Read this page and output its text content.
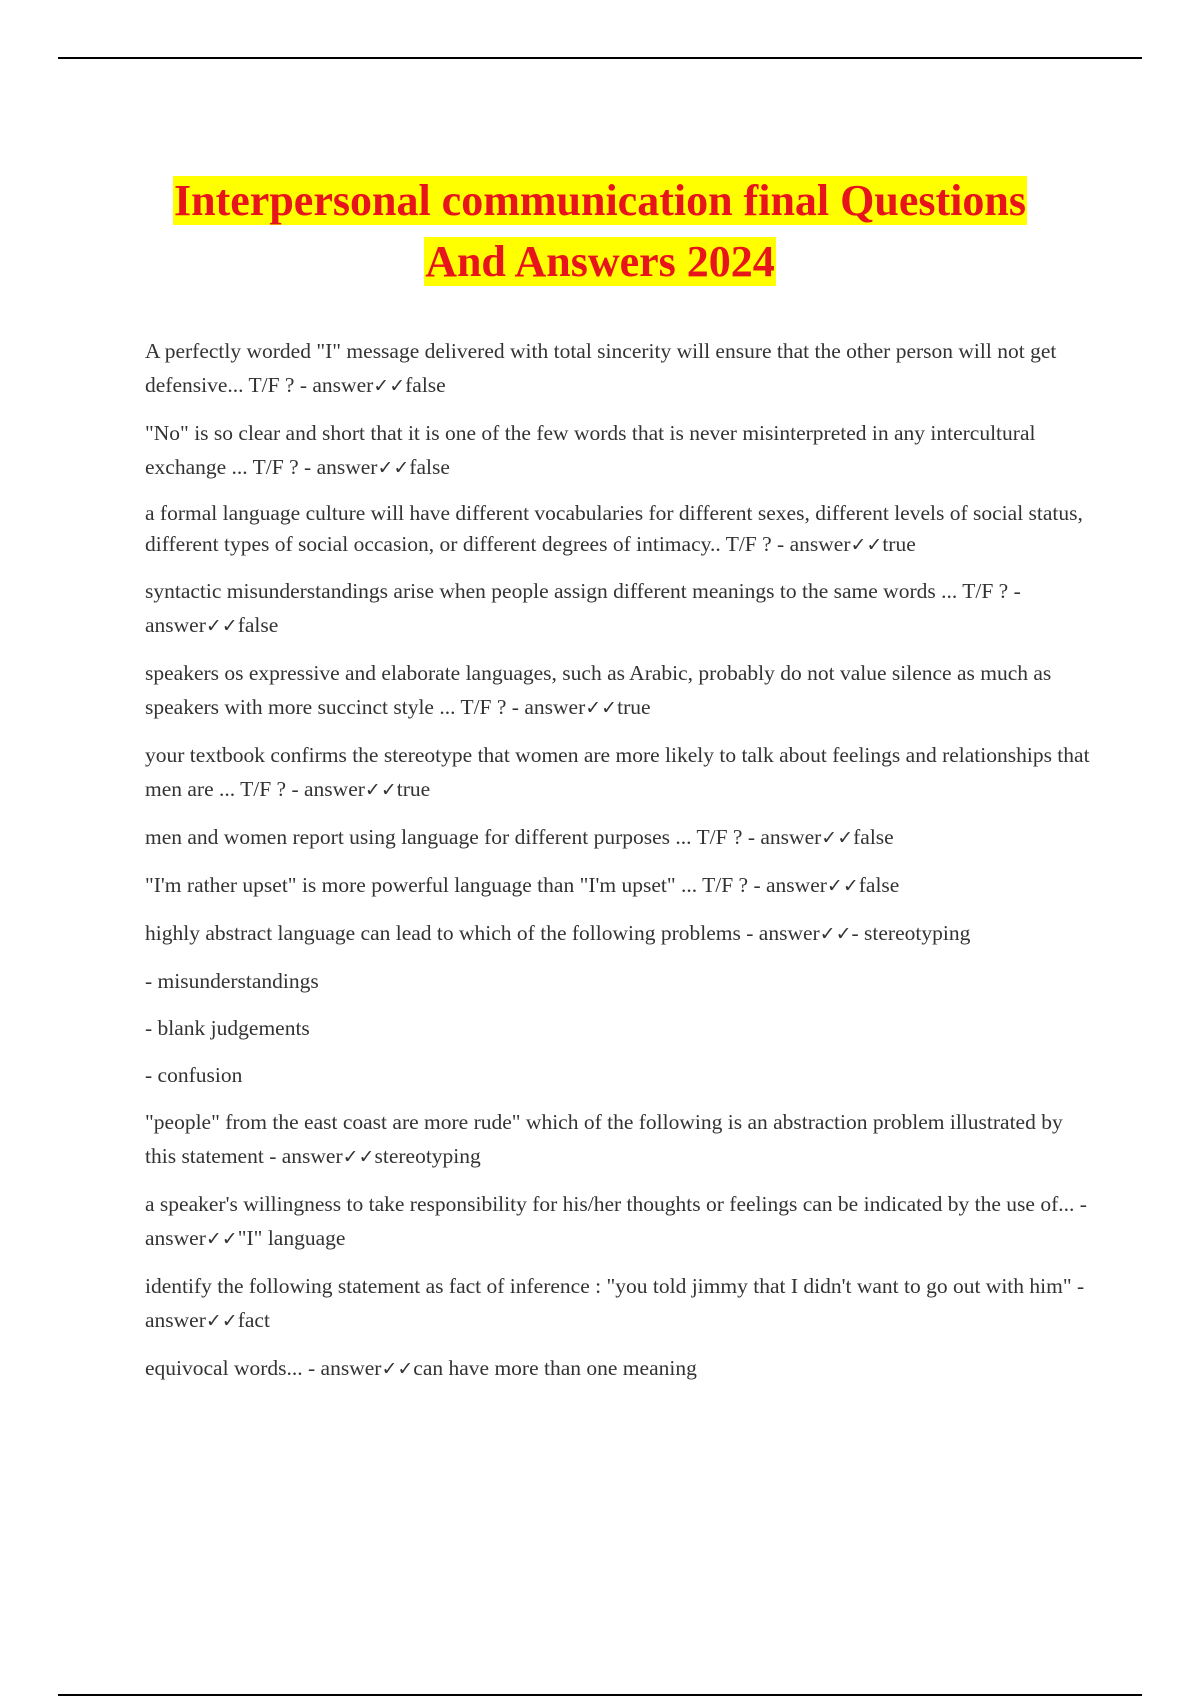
Interpersonal communication final Questions
And Answers 2024

A perfectly worded "I" message delivered with total sincerity will ensure that the other person will not get defensive... T/F ? - answer✓✓false

"No" is so clear and short that it is one of the few words that is never misinterpreted in any intercultural exchange ... T/F ? - answer✓✓false

a formal language culture will have different vocabularies for different sexes, different levels of social status, different types of social occasion, or different degrees of intimacy.. T/F ? - answer✓✓true

syntactic misunderstandings arise when people assign different meanings to the same words ... T/F ? - answer✓✓false

speakers os expressive and elaborate languages, such as Arabic, probably do not value silence as much as speakers with more succinct style ... T/F ? - answer✓✓true

your textbook confirms the stereotype that women are more likely to talk about feelings and relationships that men are ... T/F ? - answer✓✓true

men and women report using language for different purposes ... T/F ? - answer✓✓false

"I'm rather upset" is more powerful language than "I'm upset" ... T/F ? - answer✓✓false

highly abstract language can lead to which of the following problems - answer✓✓- stereotyping

- misunderstandings

- blank judgements

- confusion

"people" from the east coast are more rude" which of the following is an abstraction problem illustrated by this statement - answer✓✓stereotyping

a speaker's willingness to take responsibility for his/her thoughts or feelings can be indicated by the use of... - answer✓✓"I" language

identify the following statement as fact of inference : "you told jimmy that I didn't want to go out with him" - answer✓✓fact

equivocal words... - answer✓✓can have more than one meaning
